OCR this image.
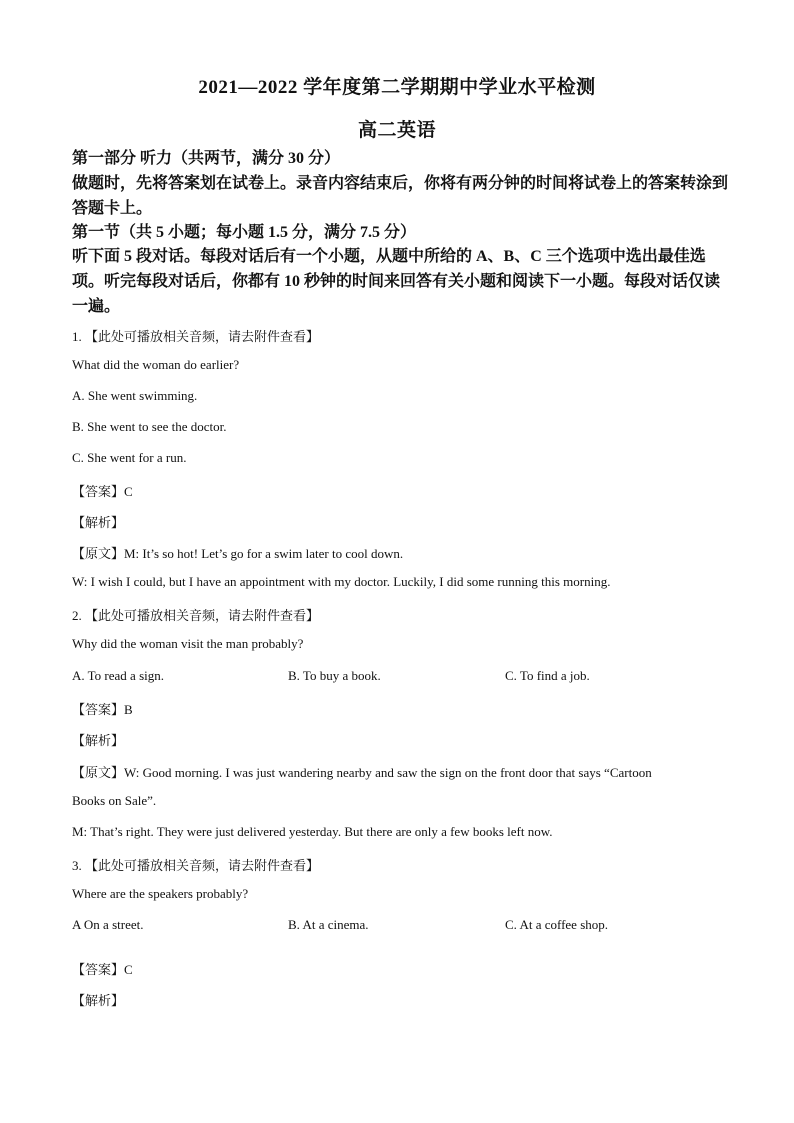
2021—2022 学年度第二学期期中学业水平检测
高二英语
第一部分 听力（共两节，满分 30 分）
做题时，先将答案划在试卷上。录音内容结束后，你将有两分钟的时间将试卷上的答案转涂到答题卡上。
第一节（共 5 小题；每小题 1.5 分，满分 7.5 分）
听下面 5 段对话。每段对话后有一个小题，从题中所给的 A、B、C 三个选项中选出最佳选项。听完每段对话后，你都有 10 秒钟的时间来回答有关小题和阅读下一小题。每段对话仅读一遍。
1. 【此处可播放相关音频，请去附件查看】
What did the woman do earlier?
A. She went swimming.
B. She went to see the doctor.
C. She went for a run.
【答案】C
【解析】
【原文】M: It’s so hot! Let’s go for a swim later to cool down.
W: I wish I could, but I have an appointment with my doctor. Luckily, I did some running this morning.
2. 【此处可播放相关音频，请去附件查看】
Why did the woman visit the man probably?
A. To read a sign.	B. To buy a book.	C. To find a job.
【答案】B
【解析】
【原文】W: Good morning. I was just wandering nearby and saw the sign on the front door that says “Cartoon
Books on Sale”.
M: That’s right. They were just delivered yesterday. But there are only a few books left now.
3. 【此处可播放相关音频，请去附件查看】
Where are the speakers probably?
A On a street.	B. At a cinema.	C. At a coffee shop.
【答案】C
【解析】
